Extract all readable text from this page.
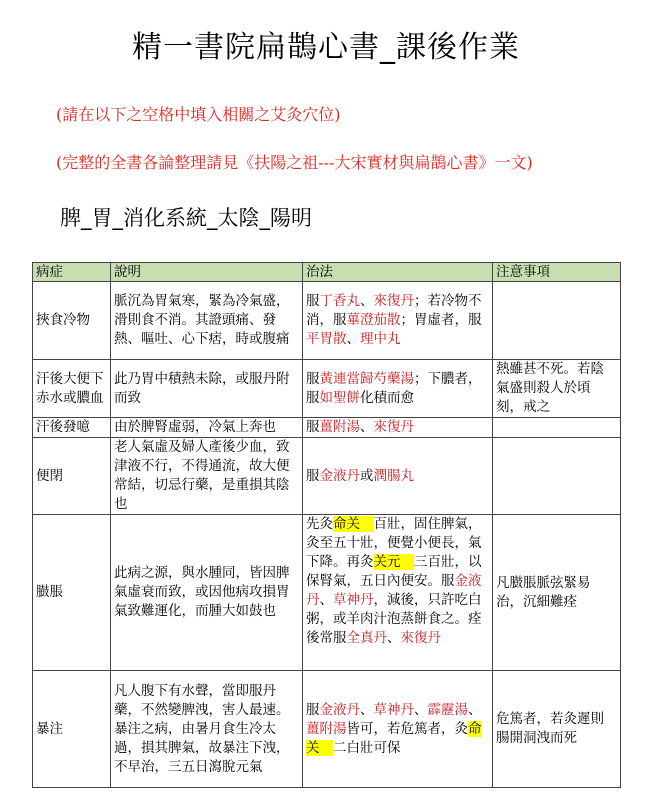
精一書院扁鵲心書_課後作業
(請在以下之空格中填入相關之艾灸穴位)
(完整的全書各論整理請見《扶陽之祖---大宋實材與扁鵲心書》一文)
脾_胃_消化系統_太陰_陽明
病症	說明	治法	注意事項
挾食冷物	脈沉為胃氣寒，緊為冷氣盛，滑則食不消。其證頭痛、發熱、嘔吐、心下痞，時或腹痛	服丁香丸、來復丹；若冷物不消，服蓽澄茄散；胃虛者，服平胃散、理中丸	
汗後大便下赤水或膿血	此乃胃中積熱未除，或服丹附而致	服黃連當歸芍藥湯；下膿者，服如聖餅化積而愈	熱雖甚不死。若陰氣盛則殺人於頃刻，戒之
汗後發噫	由於脾腎虛弱，冷氣上奔也	服薑附湯、來復丹	
便閉	老人氣虛及婦人產後少血，致津液不行，不得通流，故大便常結，切忌行藥，是重損其陰也	服金液丹或潤腸丸	
臌脹	此病之源，與水腫同，皆因脾氣虛衰而致，或因他病攻損胃氣致難運化，而腫大如鼓也	先灸命关　百壯，固住脾氣，灸至五十壯，便覺小便長，氣下降。再灸关元　三百壯，以保腎氣，五日內便安。服金液丹、草神丹，減後，只許吃白粥，或羊肉汁泡蒸餅食之。痊後常服全真丹、來復丹	凡臌脹脈弦緊易治，沉細難痊
暴注	凡人腹下有水聲，當即服丹藥，不然變脾洩，害人最速。暴注之病，由暑月食生冷太過，損其脾氣，故暴注下洩，不早治，三五日瀉脫元氣	服金液丹、草神丹、霹靂湯、薑附湯皆可，若危篤者，灸命关　二白壯可保	危篤者，若灸遲則腸開洞洩而死
